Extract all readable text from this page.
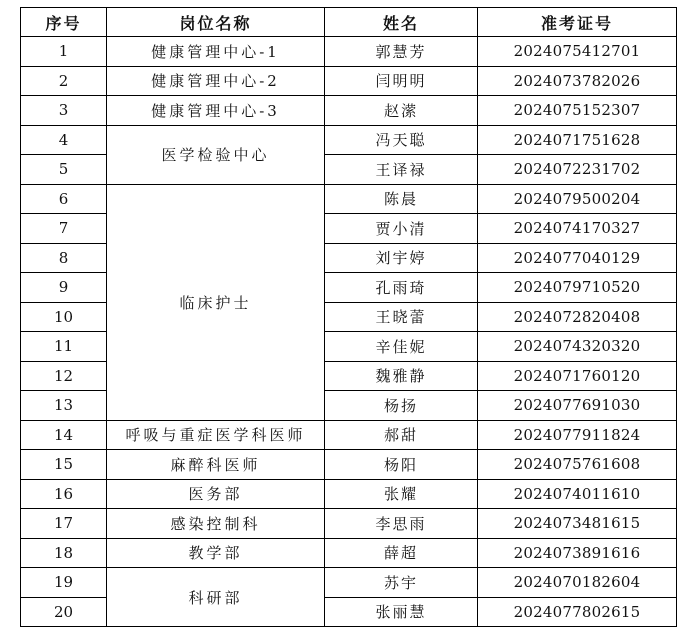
序号	岗位名称	姓名	准考证号
1	健康管理中心-1	郭慧芳	2024075412701
2	健康管理中心-2	闫明明	2024073782026
3	健康管理中心-3	赵潆	2024075152307
4	医学检验中心	冯天聪	2024071751628
5		王译禄	2024072231702
6	临床护士	陈晨	2024079500204
7		贾小清	2024074170327
8		刘宇婷	2024077040129
9		孔雨琦	2024079710520
10		王晓蕾	2024072820408
11		辛佳妮	2024074320320
12		魏雅静	2024071760120
13		杨扬	2024077691030
14	呼吸与重症医学科医师	郝甜	2024077911824
15	麻醉科医师	杨阳	2024075761608
16	医务部	张耀	2024074011610
17	感染控制科	李思雨	2024073481615
18	教学部	薛超	2024073891616
19	科研部	苏宇	2024070182604
20		张丽慧	2024077802615
